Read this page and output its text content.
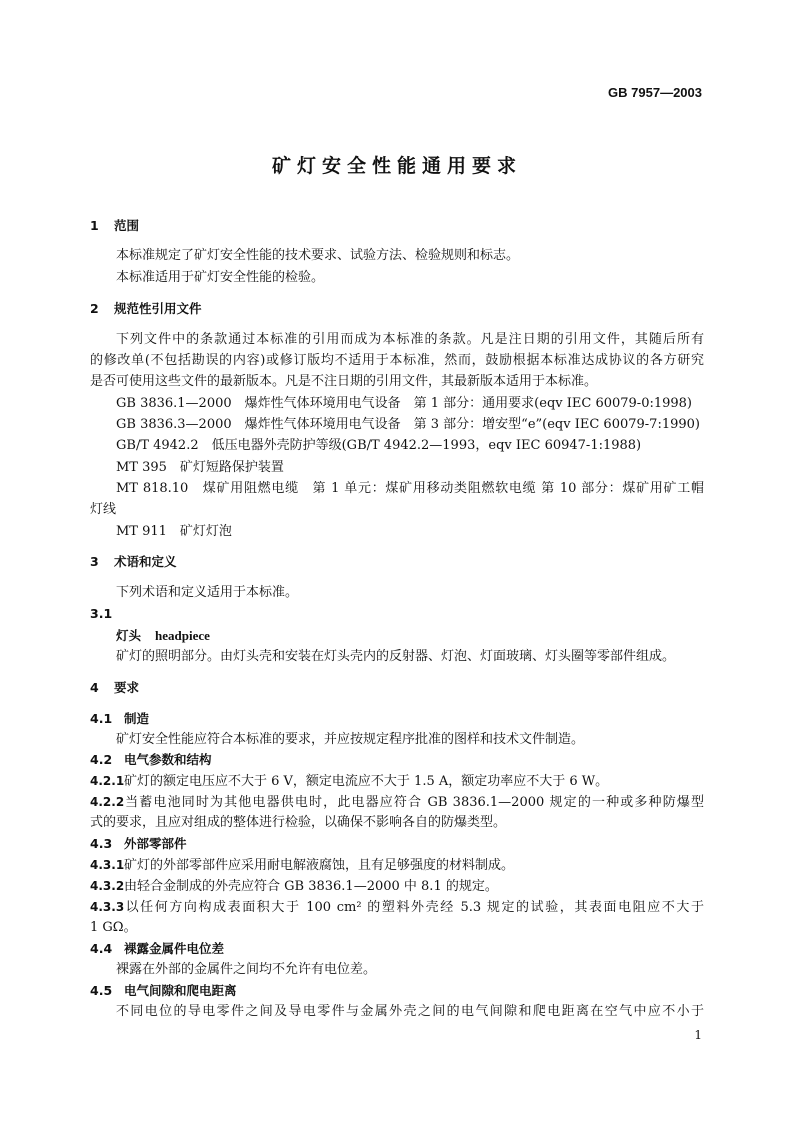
GB 7957—2003
矿灯安全性能通用要求
1 范围
本标准规定了矿灯安全性能的技术要求、试验方法、检验规则和标志。
本标准适用于矿灯安全性能的检验。
2 规范性引用文件
下列文件中的条款通过本标准的引用而成为本标准的条款。凡是注日期的引用文件，其随后所有
的修改单(不包括勘误的内容)或修订版均不适用于本标准，然而，鼓励根据本标准达成协议的各方研究
是否可使用这些文件的最新版本。凡是不注日期的引用文件，其最新版本适用于本标准。
GB 3836.1—2000　爆炸性气体环境用电气设备　第 1 部分：通用要求(eqv IEC 60079-0:1998)
GB 3836.3—2000　爆炸性气体环境用电气设备　第 3 部分：增安型“e”(eqv IEC 60079-7:1990)
GB/T 4942.2　低压电器外壳防护等级(GB/T 4942.2—1993，eqv IEC 60947-1:1988)
MT 395　矿灯短路保护装置
MT 818.10　煤矿用阻燃电缆　第 1 单元：煤矿用移动类阻燃软电缆 第 10 部分：煤矿用矿工帽
灯线
MT 911　矿灯灯泡
3 术语和定义
下列术语和定义适用于本标准。
3.1
灯头 headpiece
矿灯的照明部分。由灯头壳和安装在灯头壳内的反射器、灯泡、灯面玻璃、灯头圈等零部件组成。
4 要求
4.1 制造
矿灯安全性能应符合本标准的要求，并应按规定程序批准的图样和技术文件制造。
4.2 电气参数和结构
4.2.1矿灯的额定电压应不大于 6 V，额定电流应不大于 1.5 A，额定功率应不大于 6 W。
4.2.2当蓄电池同时为其他电器供电时，此电器应符合 GB 3836.1—2000 规定的一种或多种防爆型
式的要求，且应对组成的整体进行检验，以确保不影响各自的防爆类型。
4.3 外部零部件
4.3.1矿灯的外部零部件应采用耐电解液腐蚀，且有足够强度的材料制成。
4.3.2由轻合金制成的外壳应符合 GB 3836.1—2000 中 8.1 的规定。
4.3.3以任何方向构成表面积大于 100 cm² 的塑料外壳经 5.3 规定的试验，其表面电阻应不大于
1 GΩ。
4.4 裸露金属件电位差
裸露在外部的金属件之间均不允许有电位差。
4.5 电气间隙和爬电距离
不同电位的导电零件之间及导电零件与金属外壳之间的电气间隙和爬电距离在空气中应不小于
1
